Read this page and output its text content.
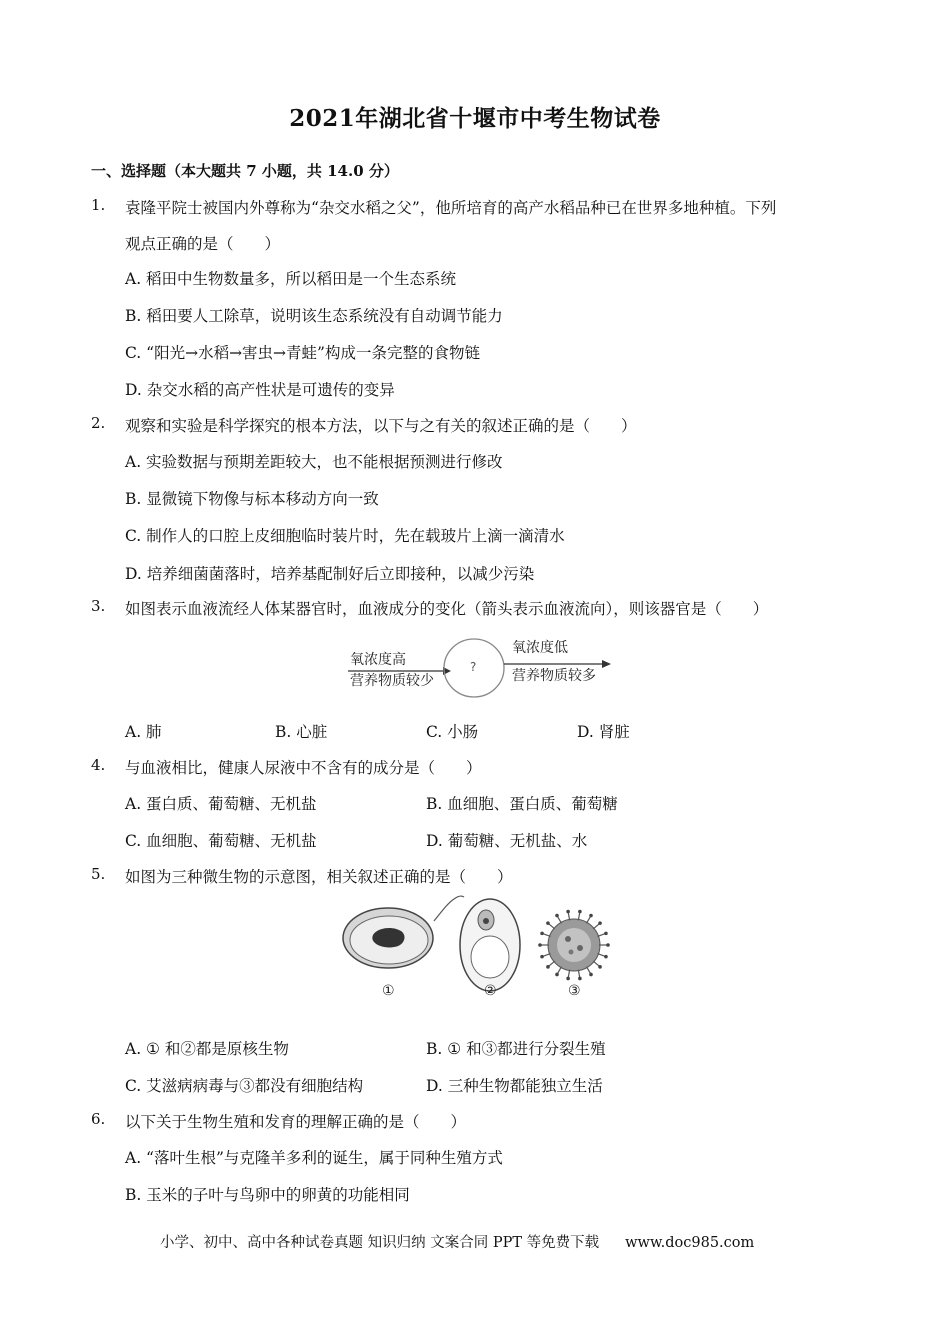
2021年湖北省十堰市中考生物试卷
一、选择题（本大题共 7 小题，共 14.0 分）
1. 袁隆平院士被国内外尊称为“杂交水稻之父”，他所培育的高产水稻品种已在世界多地种植。下列
观点正确的是（　　）
A. 稻田中生物数量多，所以稻田是一个生态系统
B. 稻田要人工除草，说明该生态系统没有自动调节能力
C. “阳光→水稻→害虫→青蛙”构成一条完整的食物链
D. 杂交水稻的高产性状是可遗传的变异
2. 观察和实验是科学探究的根本方法，以下与之有关的叙述正确的是（　　）
A. 实验数据与预期差距较大，也不能根据预测进行修改
B. 显微镜下物像与标本移动方向一致
C. 制作人的口腔上皮细胞临时装片时，先在载玻片上滴一滴清水
D. 培养细菌菌落时，培养基配制好后立即接种，以减少污染
3. 如图表示血液流经人体某器官时，血液成分的变化（箭头表示血液流向），则该器官是（　　）
氧浓度高
营养物质较少
?
氧浓度低
营养物质较多
A. 肺	B. 心脏	C. 小肠	D. 肾脏
4. 与血液相比，健康人尿液中不含有的成分是（　　）
A. 蛋白质、葡萄糖、无机盐	B. 血细胞、蛋白质、葡萄糖
C. 血细胞、葡萄糖、无机盐	D. 葡萄糖、无机盐、水
5. 如图为三种微生物的示意图，相关叙述正确的是（　　）
①	②	③
A. ① 和②都是原核生物	B. ① 和③都进行分裂生殖
C. 艾滋病病毒与③都没有细胞结构	D. 三种生物都能独立生活
6. 以下关于生物生殖和发育的理解正确的是（　　）
A. “落叶生根”与克隆羊多利的诞生，属于同种生殖方式
B. 玉米的子叶与鸟卵中的卵黄的功能相同
小学、初中、高中各种试卷真题 知识归纳 文案合同 PPT 等免费下载 www.doc985.com
